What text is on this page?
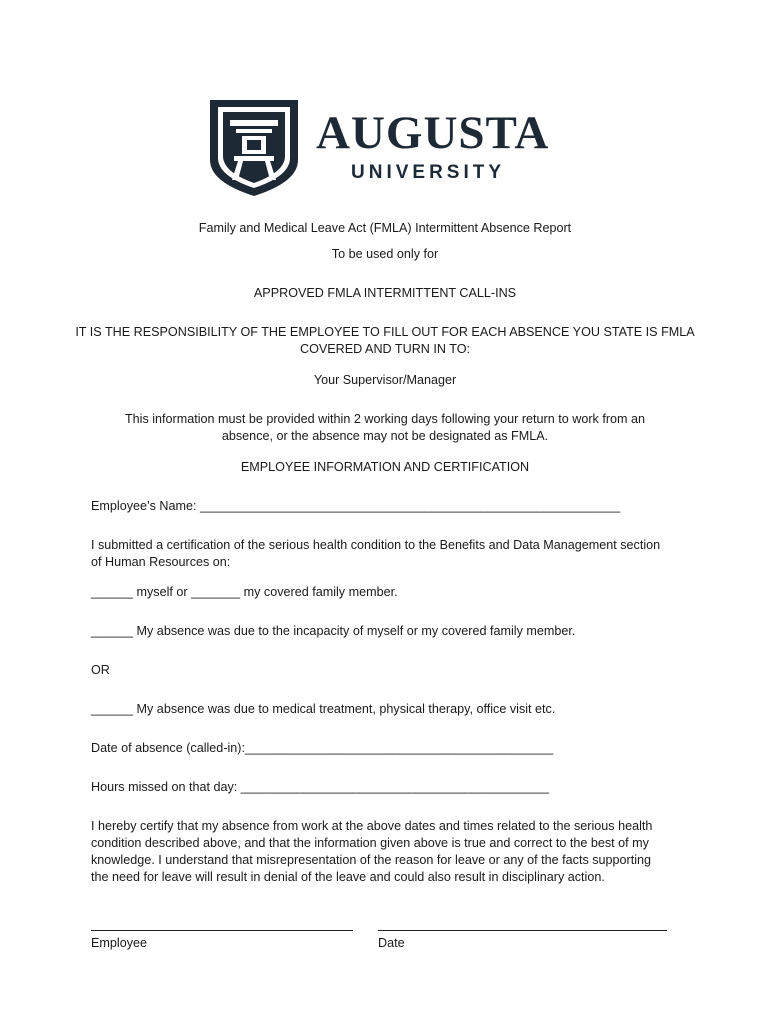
AUGUSTA
UNIVERSITY
Family and Medical Leave Act (FMLA) Intermittent Absence Report
To be used only for
APPROVED FMLA INTERMITTENT CALL-INS
IT IS THE RESPONSIBILITY OF THE EMPLOYEE TO FILL OUT FOR EACH ABSENCE YOU STATE IS FMLA
COVERED AND TURN IN TO:
Your Supervisor/Manager
This information must be provided within 2 working days following your return to work from an
absence, or the absence may not be designated as FMLA.
EMPLOYEE INFORMATION AND CERTIFICATION
Employee’s Name: ____________________________________________________________
I submitted a certification of the serious health condition to the Benefits and Data Management section
of Human Resources on:
______ myself or _______ my covered family member.
______ My absence was due to the incapacity of myself or my covered family member.
OR
______ My absence was due to medical treatment, physical therapy, office visit etc.
Date of absence (called-in):____________________________________________
Hours missed on that day: ____________________________________________
I hereby certify that my absence from work at the above dates and times related to the serious health
condition described above, and that the information given above is true and correct to the best of my
knowledge. I understand that misrepresentation of the reason for leave or any of the facts supporting
the need for leave will result in denial of the leave and could also result in disciplinary action.
Employee	Date
